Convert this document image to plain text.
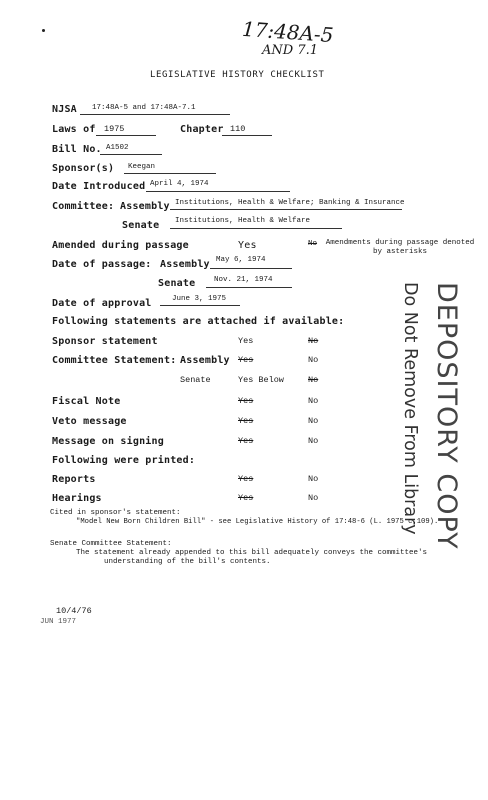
17:48A-5
AND 7.1
LEGISLATIVE HISTORY CHECKLIST
NJSA 17:48A-5 and 17:48A-7.1
Laws of 1975	Chapter 110
Bill No. A1502
Sponsor(s) Keegan
Date Introduced April 4, 1974
Committee: Assembly Institutions, Health & Welfare; Banking & Insurance
Senate Institutions, Health & Welfare
Amended during passage	Yes	No	Amendments during passage denoted by asterisks
Date of passage: Assembly May 6, 1974
Senate Nov. 21, 1974
Date of approval	June 3, 1975
Following statements are attached if available:
Sponsor statement	Yes	No
Committee Statement: Assembly Yes	No
Senate	Yes Below	No
Fiscal Note	Yes	No
Veto message	Yes	No
Message on signing	Yes	No
Following were printed:
Reports	Yes	No
Hearings	Yes	No	DEPOSITORY COPY
Do Not Remove From Library
Cited in sponsor's statement:
"Model New Born Children Bill" - see Legislative History of 17:48-6 (L. 1975 c.109).
Senate Committee Statement:
The statement already appended to this bill adequately conveys the committee's
understanding of the bill's contents.
10/4/76
JUN 1977
